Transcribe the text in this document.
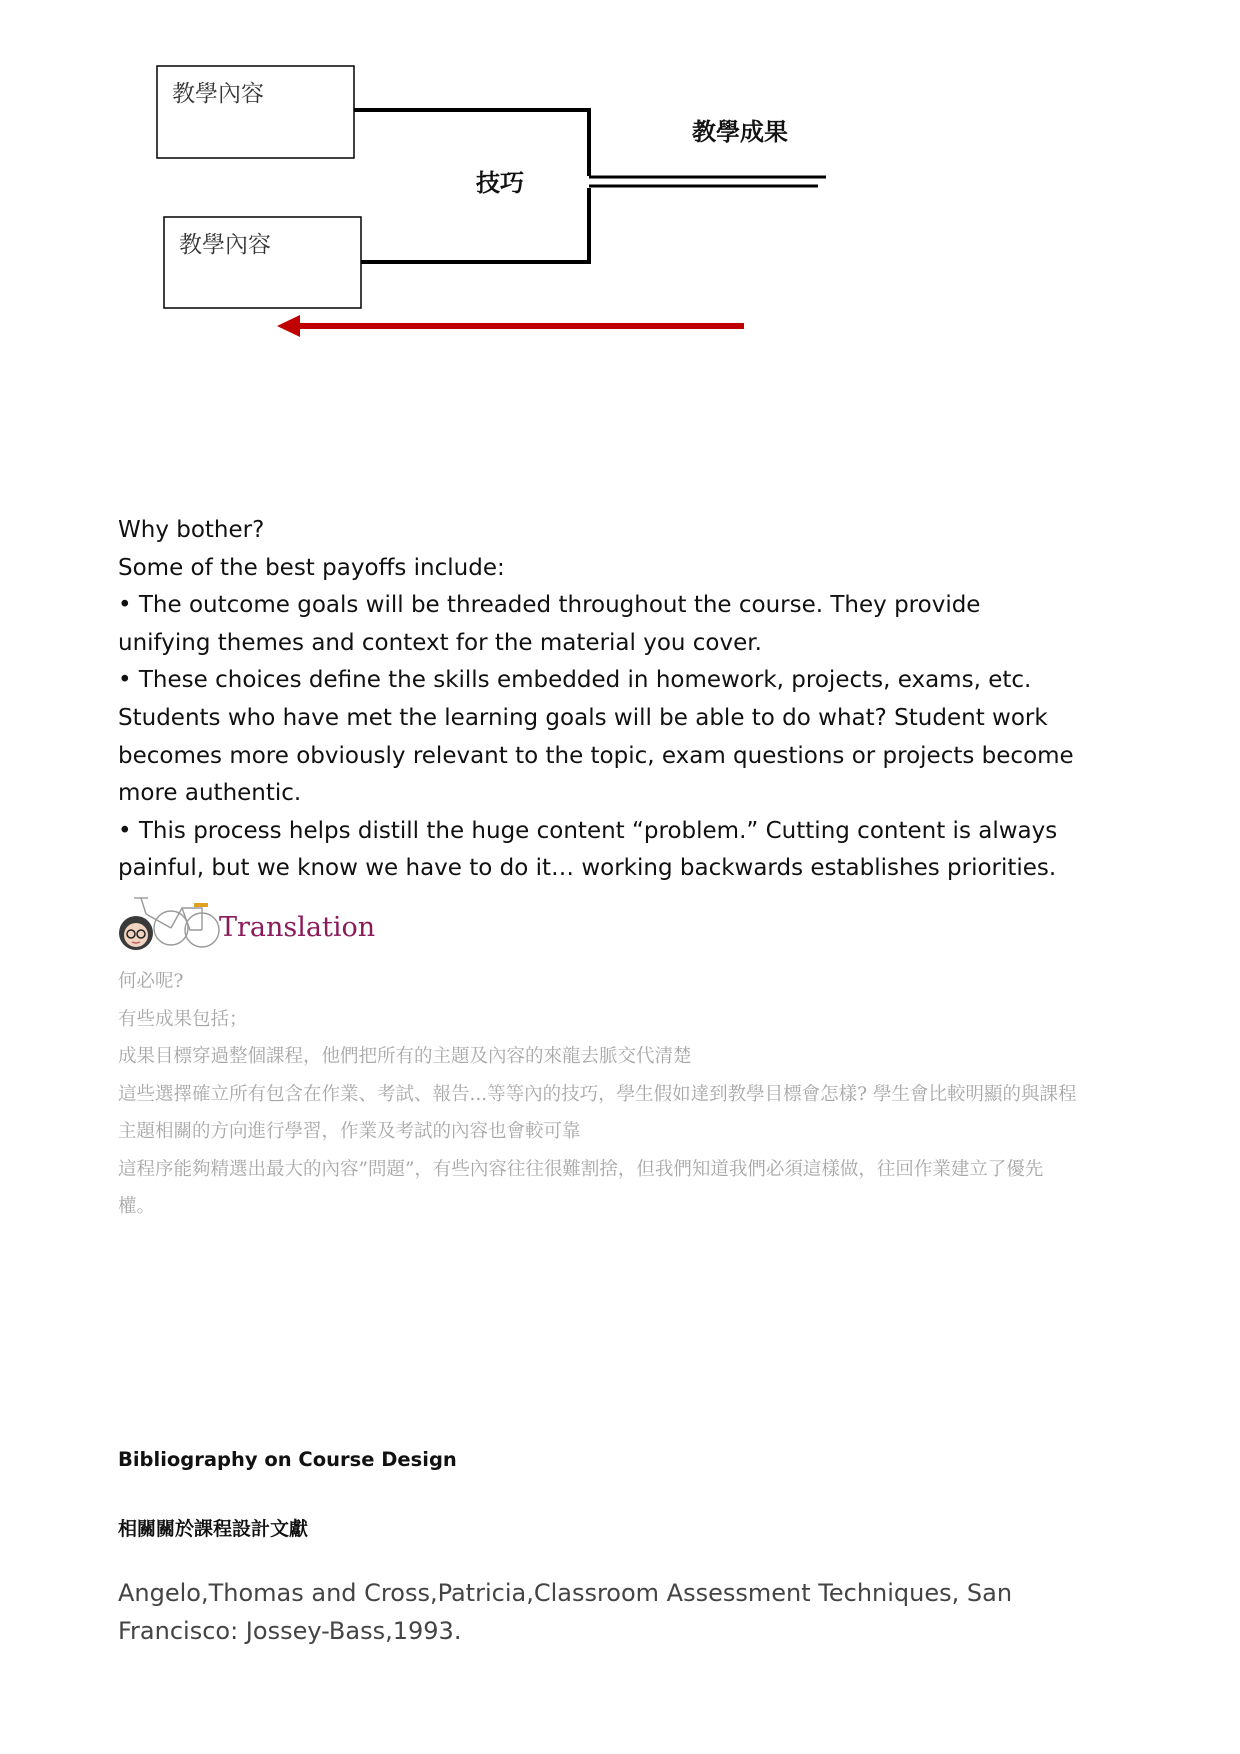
教學內容
教學內容
技巧
教學成果

Why bother?

Some of the best payoffs include:

• The outcome goals will be threaded throughout the course. They provide unifying themes and context for the material you cover.

• These choices define the skills embedded in homework, projects, exams, etc. Students who have met the learning goals will be able to do what? Student work becomes more obviously relevant to the topic, exam questions or projects become more authentic.

• This process helps distill the huge content “problem.” Cutting content is always painful, but we know we have to do it… working backwards establishes priorities.

Translation

何必呢?

有些成果包括；

成果目標穿過整個課程，他們把所有的主題及內容的來龍去脈交代清楚

這些選擇確立所有包含在作業、考試、報告...等等內的技巧，學生假如達到教學目標會怎樣? 學生會比較明顯的與課程主題相關的方向進行學習，作業及考試的內容也會較可靠

這程序能夠精選出最大的內容”問題”，有些內容往往很難割捨，但我們知道我們必須這樣做，往回作業建立了優先權。

Bibliography on Course Design
相關關於課程設計文獻
Angelo,Thomas and Cross,Patricia,Classroom Assessment Techniques, San Francisco: Jossey-Bass,1993.
